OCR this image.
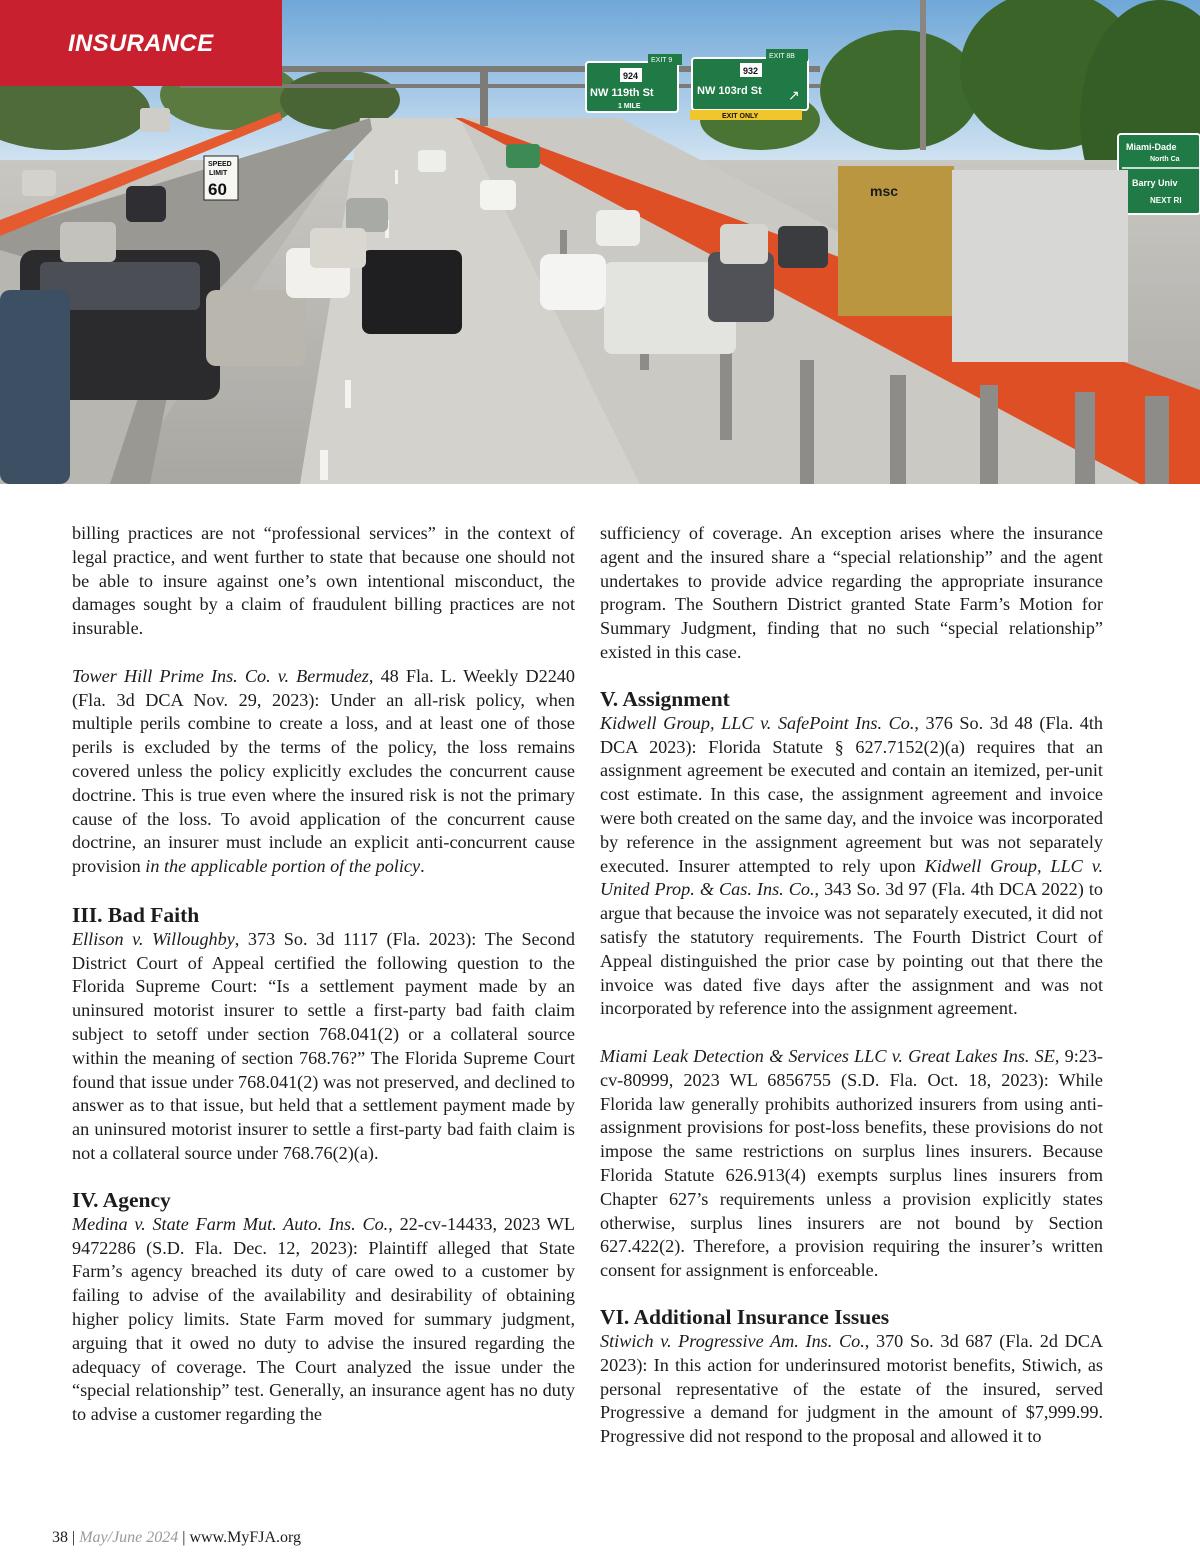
EXIT 9
924
NW 119th St
1 MILE
EXIT 8B
932
NW 103rd St ↗
EXIT ONLY
Miami-Dade
North Ca
Barry Univ
NEXT RI
SPEED
LIMIT
60	msc
INSURANCE

billing practices are not “professional services” in the context of legal practice, and went further to state that because one should not be able to insure against one’s own intentional misconduct, the damages sought by a claim of fraudulent billing practices are not insurable.

Tower Hill Prime Ins. Co. v. Bermudez, 48 Fla. L. Weekly D2240 (Fla. 3d DCA Nov. 29, 2023): Under an all-risk policy, when multiple perils combine to create a loss, and at least one of those perils is excluded by the terms of the policy, the loss remains covered unless the policy explicitly excludes the concurrent cause doctrine. This is true even where the insured risk is not the primary cause of the loss. To avoid application of the concurrent cause doctrine, an insurer must include an explicit anti-concurrent cause provision in the applicable portion of the policy.

III. Bad Faith

Ellison v. Willoughby, 373 So. 3d 1117 (Fla. 2023): The Second District Court of Appeal certified the following question to the Florida Supreme Court: “Is a settlement payment made by an uninsured motorist insurer to settle a first-party bad faith claim subject to setoff under section 768.041(2) or a collateral source within the meaning of section 768.76?” The Florida Supreme Court found that issue under 768.041(2) was not preserved, and declined to answer as to that issue, but held that a settlement payment made by an uninsured motorist insurer to settle a first-party bad faith claim is not a collateral source under 768.76(2)(a).

IV. Agency

Medina v. State Farm Mut. Auto. Ins. Co., 22-cv-14433, 2023 WL 9472286 (S.D. Fla. Dec. 12, 2023): Plaintiff alleged that State Farm’s agency breached its duty of care owed to a customer by failing to advise of the availability and desirability of obtaining higher policy limits. State Farm moved for summary judgment, arguing that it owed no duty to advise the insured regarding the adequacy of coverage. The Court analyzed the issue under the “special relationship” test. Generally, an insurance agent has no duty to advise a customer regarding the

sufficiency of coverage. An exception arises where the insurance agent and the insured share a “special relationship” and the agent undertakes to provide advice regarding the appropriate insurance program. The Southern District granted State Farm’s Motion for Summary Judgment, finding that no such “special relationship” existed in this case.

V. Assignment

Kidwell Group, LLC v. SafePoint Ins. Co., 376 So. 3d 48 (Fla. 4th DCA 2023): Florida Statute § 627.7152(2)(a) requires that an assignment agreement be executed and contain an itemized, per-unit cost estimate. In this case, the assignment agreement and invoice were both created on the same day, and the invoice was incorporated by reference in the assignment agreement but was not separately executed. Insurer attempted to rely upon Kidwell Group, LLC v. United Prop. & Cas. Ins. Co., 343 So. 3d 97 (Fla. 4th DCA 2022) to argue that because the invoice was not separately executed, it did not satisfy the statutory requirements. The Fourth District Court of Appeal distinguished the prior case by pointing out that there the invoice was dated five days after the assignment and was not incorporated by reference into the assignment agreement.

Miami Leak Detection & Services LLC v. Great Lakes Ins. SE, 9:23-cv-80999, 2023 WL 6856755 (S.D. Fla. Oct. 18, 2023): While Florida law generally prohibits authorized insurers from using anti-assignment provisions for post-loss benefits, these provisions do not impose the same restrictions on surplus lines insurers. Because Florida Statute 626.913(4) exempts surplus lines insurers from Chapter 627’s requirements unless a provision explicitly states otherwise, surplus lines insurers are not bound by Section 627.422(2). Therefore, a provision requiring the insurer’s written consent for assignment is enforceable.

VI. Additional Insurance Issues

Stiwich v. Progressive Am. Ins. Co., 370 So. 3d 687 (Fla. 2d DCA 2023): In this action for underinsured motorist benefits, Stiwich, as personal representative of the estate of the insured, served Progressive a demand for judgment in the amount of $7,999.99. Progressive did not respond to the proposal and allowed it to

38 | May/June 2024 | www.MyFJA.org
